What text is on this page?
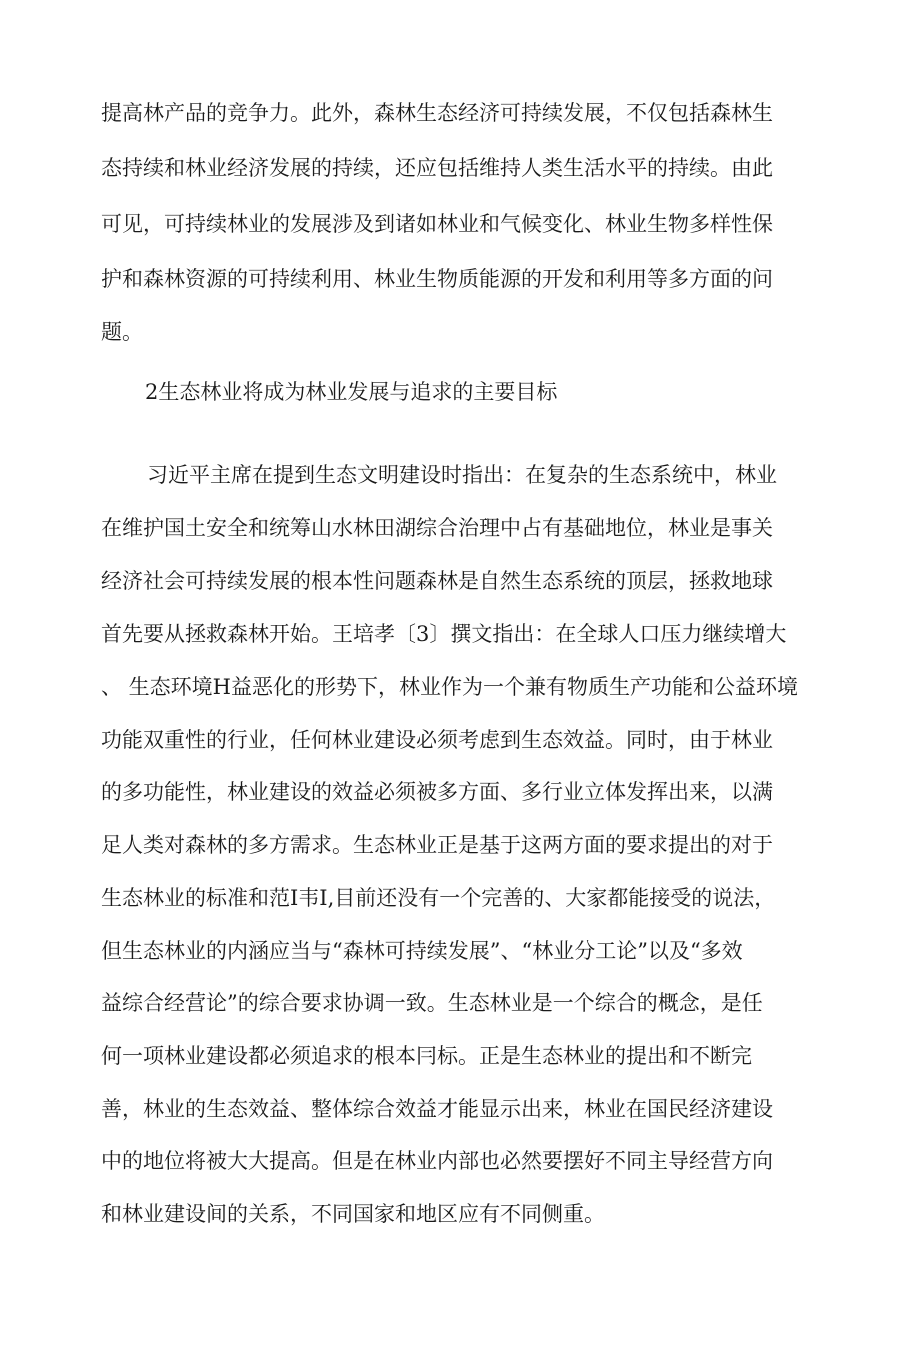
提高林产品的竞争力。此外，森林生态经济可持续发展，不仅包括森林生
态持续和林业经济发展的持续，还应包括维持人类生活水平的持续。由此
可见，可持续林业的发展涉及到诸如林业和气候变化、林业生物多样性保
护和森林资源的可持续利用、林业生物质能源的开发和利用等多方面的问
题。
2生态林业将成为林业发展与追求的主要目标
习近平主席在提到生态文明建设时指出：在复杂的生态系统中，林业
在维护国土安全和统筹山水林田湖综合治理中占有基础地位，林业是事关
经济社会可持续发展的根本性问题森林是自然生态系统的顶层，拯救地球
首先要从拯救森林开始。王培孝〔3〕撰文指出：在全球人口压力继续增大
、 生态环境H益恶化的形势下，林业作为一个兼有物质生产功能和公益环境
功能双重性的行业，任何林业建设必须考虑到生态效益。同时，由于林业
的多功能性，林业建设的效益必须被多方面、多行业立体发挥出来，以满
足人类对森林的多方需求。生态林业正是基于这两方面的要求提出的对于
生态林业的标准和范I韦I,目前还没有一个完善的、大家都能接受的说法，
但生态林业的内涵应当与“森林可持续发展”、“林业分工论”以及“多效
益综合经营论”的综合要求协调一致。生态林业是一个综合的概念，是任
何一项林业建设都必须追求的根本冃标。正是生态林业的提出和不断完
善，林业的生态效益、整体综合效益才能显示出来，林业在国民经济建设
中的地位将被大大提高。但是在林业内部也必然要摆好不同主导经营方向
和林业建设间的关系，不同国家和地区应有不同侧重。
